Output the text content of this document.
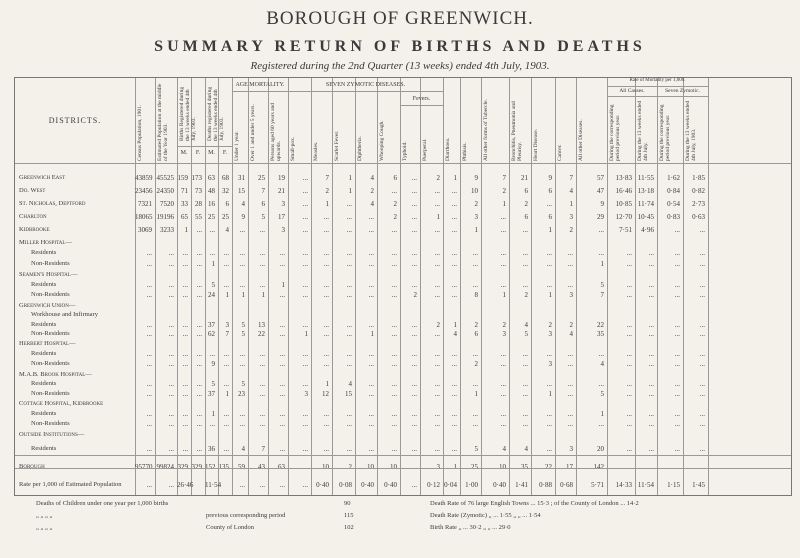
BOROUGH OF GREENWICH.
SUMMARY RETURN OF BIRTHS AND DEATHS
Registered during the 2nd Quarter (13 weeks) ended 4th July, 1903.
DISTRICTS.
AGE MORTALITY.	SEVEN ZYMOTIC DISEASES.
Fevers.
Rate of Mortality per 1,000.
All Causes.	Seven Zymotic.
Census Population, 1901.	Estimated Population at the middle of the Year 1903.
Births Registered during the 13 weeks ended 4th July, 1903.	Deaths registered during the 13 weeks ended 4th July, 1903.
Under 1 year.	Over 1 and under 5 years.	Persons aged 60 years and upwards.	Small-pox.	Measles.	Scarlet Fever.	Diphtheria.	Whooping Cough.	Typhoid.	Puerperal.	Diarrhoea.	Phthisis.	All other forms of Tubercle.	Bronchitis, Pneumonia and Pleurisy.	Heart Disease.	Cancer.	All other Diseases.	During the corresponding period previous year.	During the 13 weeks ended 4th July.	During the corresponding period previous year.	During the 13 weeks ended 4th July, 1903.
M.	F.	M.	F.
Greenwich East	43859 45525 159 173 63	68	31	25	19	...	7	1	4	6	...	2	1	9	7	21	9	7	57	13·83 11·55	1·62	1·85
Do. West	23456 24350	71	73 48	32	15	7	21	...	2	1	2	...	...	...	...	10	2	6	6	4	47	16·46 13·18	0·84	0·82
St. Nicholas, Deptford	7321	7520	33	28 16	6	4	6	3	...	1	...	4	2	...	...	...	2	1	2	...	1	9	10·85 11·74	0·54	2·73
Charlton	18065 19196	65	55 25	25	9	5	17	...	...	...	...	2	...	1	...	3	...	6	6	3	29	12·70 10·45	0·83	0·63
Kidbrooke	3069	3233	1	...	...	4	...	...	3	...	...	...	...	...	...	...	...	1	...	...	1	2	...	7·51	4·96	...	...
Miller Hospital—
Residents	...	...	...	...	...	...	...	...	...	...	...	...	...	...	...	...	...	...	...	...	...	...	...	...	...	...	...
Non-Residents	...	...	...	...	1	...	...	...	...	...	...	...	...	...	...	...	...	...	...	...	...	...	1	...	...	...	...
Seamen's Hospital—
Residents	...	...	...	...	5	...	...	...	1	...	...	...	...	...	...	...	...	...	...	...	...	...	5	...	...	...	...
Non-Residents	...	...	...	... 24	1	1	1	...	...	...	...	...	...	2	...	...	8	1	2	1	3	7	...	...	...	...
Greenwich Union—
Workhouse and Infirmary
Residents	...	...	...	... 37	3	5	13	...	...	...	...	...	...	...	2	1	2	2	4	2	2	22	...	...	...	...
Non-Residents	...	...	...	... 62	7	5	22	...	1	...	...	1	...	...	...	4	6	3	5	3	4	35	...	...	...	...
Herbert Hospital—
Residents	...	...	...	...	...	...	...	...	...	...	...	...	...	...	...	...	...	...	...	...	...	...	...	...	...	...	...
Non-Residents	...	...	...	...	9	...	...	...	...	...	...	...	...	...	...	...	...	2	...	...	3	...	4	...	...	...	...
M.A.B. Brook Hospital—
Residents	...	...	...	...	5	...	5	...	...	...	1	4	...	...	...	...	...	...	...	...	...	...	...	...	...	...	...
Non-Residents	...	...	...	... 37	1	23	...	...	3	12	15	...	...	...	...	...	1	...	...	1	...	5	...	...	...	...
Cottage Hospital, Kidbrooke
Residents	...	...	...	...	1	...	...	...	...	...	...	...	...	...	...	...	...	...	...	...	...	...	1	...	...	...	...
Non-Residents	...	...	...	...	...	...	...	...	...	...	...	...	...	...	...	...	...	...	...	...	...	...	...	...	...	...	...
Outside Institutions—
Residents	...	...	...	... 36	...	4	7	...	...	...	...	...	...	...	...	...	5	4	4	...	3	20	...	...	...	...
Borough	95770 99824 329 329 152 135	59	43	63	...	10	2	10	10	...	3	1	25	10	35	22	17	142	...	...	...	...
Rate per 1,000 of Estimated Population	...	... 26·46 11·54	...	...	...	...	0·40	0·08	0·40	0·40	...	0·12 0·04	1·00	0·40	1·41	0·88	0·68	5·71	14·33 11·54	1·15	1·45
Deaths of Children under one year per 1,000 births	90
„ „ „ „	previous corresponding period	115
„ „ „ „	County of London	102
Death Rate of 76 large English Towns ... 15·3 ; of the County of London ... 14·2
Death Rate (Zymotic) „ ... 1·55 „ „ ... 1·54
Birth Rate „ ... 30·2 „ „ ... 29·0
